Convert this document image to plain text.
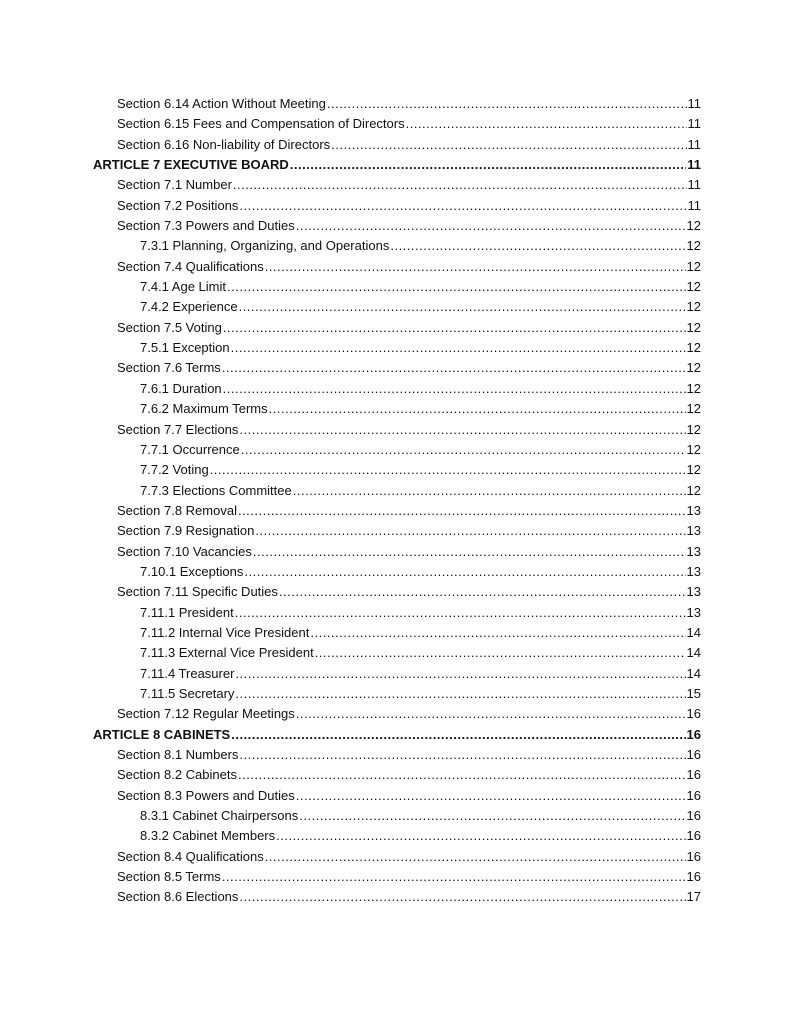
Section 6.14 Action Without Meeting .....	11
Section 6.15 Fees and Compensation of Directors .....	11
Section 6.16 Non-liability of Directors .....	11
ARTICLE 7 EXECUTIVE BOARD .....	11
Section 7.1 Number .....	11
Section 7.2 Positions .....	11
Section 7.3 Powers and Duties .....	12
7.3.1 Planning, Organizing, and Operations .....	12
Section 7.4 Qualifications .....	12
7.4.1 Age Limit .....	12
7.4.2 Experience .....	12
Section 7.5 Voting .....	12
7.5.1 Exception .....	12
Section 7.6 Terms .....	12
7.6.1 Duration .....	12
7.6.2 Maximum Terms .....	12
Section 7.7 Elections .....	12
7.7.1 Occurrence .....	12
7.7.2 Voting .....	12
7.7.3 Elections Committee .....	12
Section 7.8 Removal .....	13
Section 7.9 Resignation .....	13
Section 7.10 Vacancies .....	13
7.10.1 Exceptions .....	13
Section 7.11 Specific Duties .....	13
7.11.1 President .....	13
7.11.2 Internal Vice President .....	14
7.11.3 External Vice President .....	14
7.11.4 Treasurer .....	14
7.11.5 Secretary .....	15
Section 7.12 Regular Meetings .....	16
ARTICLE 8 CABINETS .....	16
Section 8.1 Numbers .....	16
Section 8.2 Cabinets .....	16
Section 8.3 Powers and Duties .....	16
8.3.1 Cabinet Chairpersons .....	16
8.3.2 Cabinet Members .....	16
Section 8.4 Qualifications .....	16
Section 8.5 Terms .....	16
Section 8.6 Elections .....	17
